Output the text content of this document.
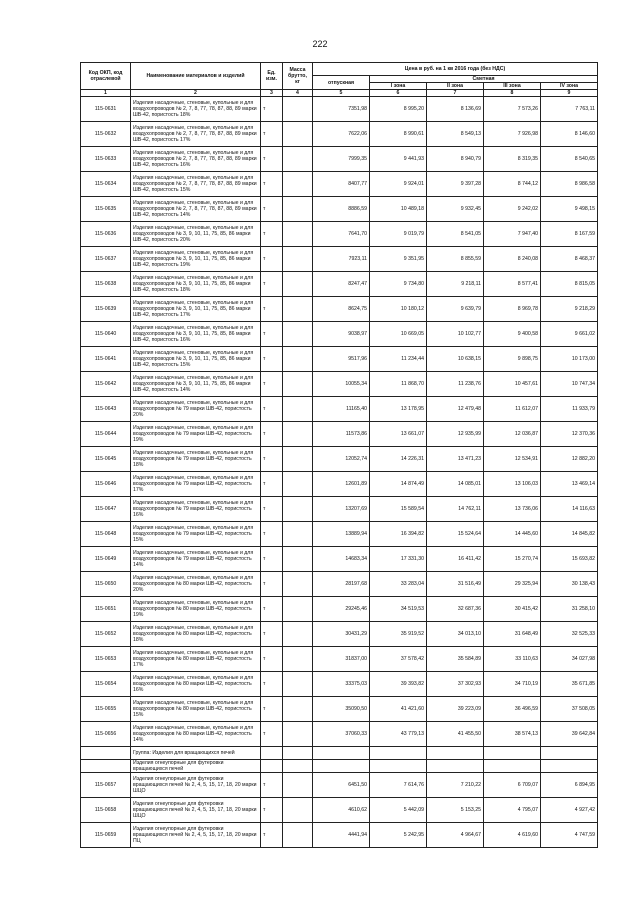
222
Код ОКП, код отраслевой	Наименование материалов и изделий	Ед. изм.	Масса брутто, кг	Цена в руб. на 1 кв 2016 года (без НДС)				
				отпускная	Сметная			
					I зона	II зона	III зона	IV зона
1	2	3	4	5	6	7	8	9
115-0631	Изделия насадочные, стеновые, купольные и для воздухопроводов № 2, 7, 8, 77, 78, 87, 88, 89 марки ШВ-42, пористость 18%	т		7351,98	8 995,20	8 136,69	7 573,26	7 763,11
115-0632	Изделия насадочные, стеновые, купольные и для воздухопроводов № 2, 7, 8, 77, 78, 87, 88, 89 марки ШВ-42, пористость 17%	т		7622,06	8 990,61	8 549,13	7 926,98	8 146,60
115-0633	Изделия насадочные, стеновые, купольные и для воздухопроводов № 2, 7, 8, 77, 78, 87, 88, 89 марки ШВ-42, пористость 16%	т		7999,35	9 441,93	8 940,79	8 319,35	8 540,65
115-0634	Изделия насадочные, стеновые, купольные и для воздухопроводов № 2, 7, 8, 77, 78, 87, 88, 89 марки ШВ-42, пористость 15%	т		8407,77	9 924,01	9 397,28	8 744,12	8 986,58
115-0635	Изделия насадочные, стеновые, купольные и для воздухопроводов № 2, 7, 8, 77, 78, 87, 88, 89 марки ШВ-42, пористость 14%	т		8886,59	10 489,18	9 932,45	9 242,02	9 498,15
115-0636	Изделия насадочные, стеновые, купольные и для воздухопроводов № 3, 9, 10, 11, 75, 85, 86 марки ШВ-42, пористость 20%	т		7641,70	9 019,79	8 541,05	7 947,40	8 167,59
115-0637	Изделия насадочные, стеновые, купольные и для воздухопроводов № 3, 9, 10, 11, 75, 85, 86 марки ШВ-42, пористость 19%	т		7923,11	9 351,95	8 855,59	8 240,08	8 468,37
115-0638	Изделия насадочные, стеновые, купольные и для воздухопроводов № 3, 9, 10, 11, 75, 85, 86 марки ШВ-42, пористость 18%	т		8247,47	9 734,80	9 218,11	8 577,41	8 815,05
115-0639	Изделия насадочные, стеновые, купольные и для воздухопроводов № 3, 9, 10, 11, 75, 85, 86 марки ШВ-42, пористость 17%	т		8624,75	10 180,12	9 639,79	8 969,78	9 218,29
115-0640	Изделия насадочные, стеновые, купольные и для воздухопроводов № 3, 9, 10, 11, 75, 85, 86 марки ШВ-42, пористость 16%	т		9038,97	10 669,05	10 102,77	9 400,58	9 661,02
115-0641	Изделия насадочные, стеновые, купольные и для воздухопроводов № 3, 9, 10, 11, 75, 85, 86 марки ШВ-42, пористость 15%	т		9517,96	11 234,44	10 638,15	9 898,75	10 173,00
115-0642	Изделия насадочные, стеновые, купольные и для воздухопроводов № 3, 9, 10, 11, 75, 85, 86 марки ШВ-42, пористость 14%	т		10055,34	11 868,70	11 238,76	10 457,61	10 747,34
115-0643	Изделия насадочные, стеновые, купольные и для воздухопроводов № 79 марки ШВ-42, пористость 20%	т		11165,40	13 178,95	12 479,48	11 612,07	11 933,79
115-0644	Изделия насадочные, стеновые, купольные и для воздухопроводов № 79 марки ШВ-42, пористость 19%	т		11573,86	13 661,07	12 935,99	12 036,87	12 370,36
115-0645	Изделия насадочные, стеновые, купольные и для воздухопроводов № 79 марки ШВ-42, пористость 18%	т		12052,74	14 226,31	13 471,23	12 534,91	12 882,20
115-0646	Изделия насадочные, стеновые, купольные и для воздухопроводов № 79 марки ШВ-42, пористость 17%	т		12601,89	14 874,49	14 085,01	13 106,03	13 469,14
115-0647	Изделия насадочные, стеновые, купольные и для воздухопроводов № 79 марки ШВ-42, пористость 16%	т		13207,69	15 589,54	14 762,11	13 736,06	14 116,63
115-0648	Изделия насадочные, стеновые, купольные и для воздухопроводов № 79 марки ШВ-42, пористость 15%	т		13889,94	16 394,82	15 524,64	14 445,60	14 845,82
115-0649	Изделия насадочные, стеновые, купольные и для воздухопроводов № 79 марки ШВ-42, пористость 14%	т		14683,34	17 331,30	16 411,42	15 270,74	15 693,82
115-0650	Изделия насадочные, стеновые, купольные и для воздухопроводов № 80 марки ШВ-42, пористость 20%	т		28197,68	33 283,04	31 516,49	29 325,94	30 138,43
115-0651	Изделия насадочные, стеновые, купольные и для воздухопроводов № 80 марки ШВ-42, пористость 19%	т		29245,46	34 519,53	32 687,36	30 415,42	31 258,10
115-0652	Изделия насадочные, стеновые, купольные и для воздухопроводов № 80 марки ШВ-42, пористость 18%	т		30431,29	35 919,52	34 013,10	31 648,49	32 525,33
115-0653	Изделия насадочные, стеновые, купольные и для воздухопроводов № 80 марки ШВ-42, пористость 17%	т		31837,00	37 578,42	35 584,89	33 110,63	34 027,98
115-0654	Изделия насадочные, стеновые, купольные и для воздухопроводов № 80 марки ШВ-42, пористость 16%	т		33375,03	39 393,82	37 302,93	34 710,19	35 671,85
115-0655	Изделия насадочные, стеновые, купольные и для воздухопроводов № 80 марки ШВ-42, пористость 15%	т		35090,50	41 421,60	39 223,09	36 496,59	37 508,05
115-0656	Изделия насадочные, стеновые, купольные и для воздухопроводов № 80 марки ШВ-42, пористость 14%	т		37060,33	43 779,13	41 455,50	38 574,13	39 642,84
	Группа: Изделия для вращающихся печей							
	Изделия огнеупорные для футеровки вращающихся печей							
115-0657	Изделия огнеупорные для футеровки вращающихся печей № 2, 4, 5, 15, 17, 18, 20 марки ШЦО	т		6451,50	7 614,76	7 210,22	6 709,07	6 894,95
115-0658	Изделия огнеупорные для футеровки вращающихся печей № 2, 4, 5, 15, 17, 18, 20 марки ШЦО	т		4610,62	5 442,09	5 153,25	4 795,07	4 927,42
115-0659	Изделия огнеупорные для футеровки вращающихся печей № 2, 4, 5, 15, 17, 18, 20 марки ПЦ	т		4441,94	5 242,95	4 964,67	4 619,60	4 747,59
